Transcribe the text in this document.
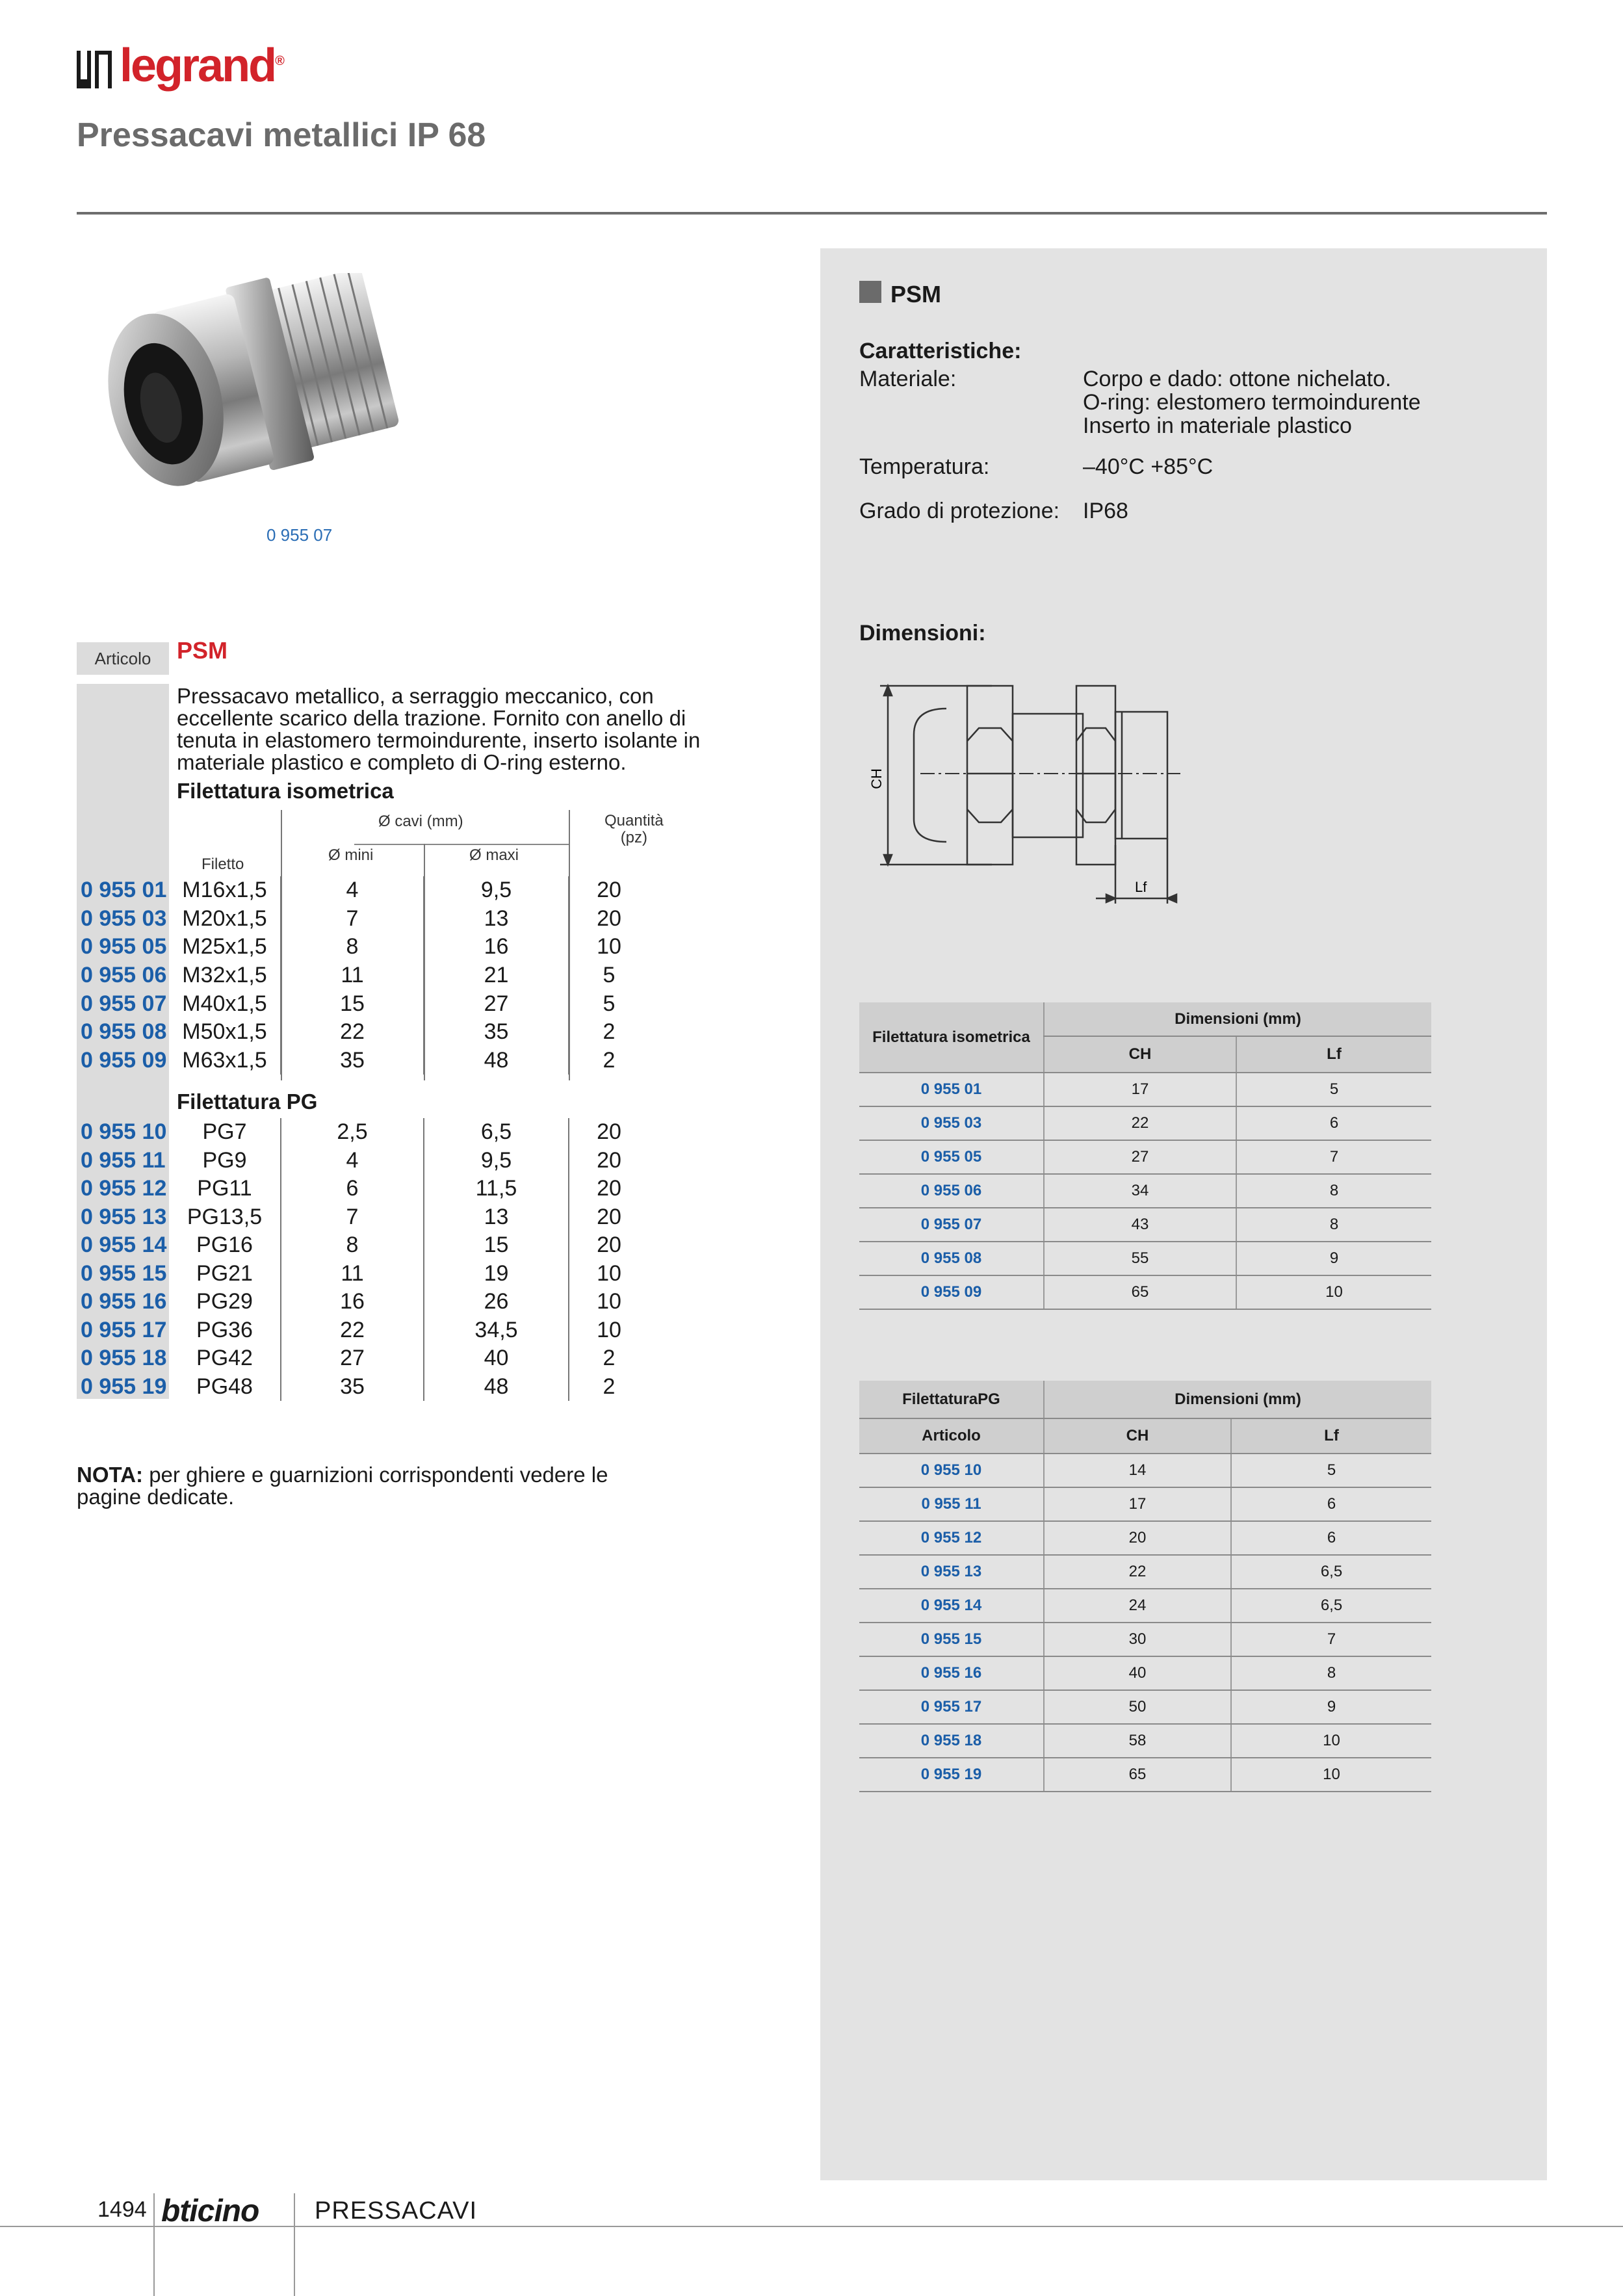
legrand®
Pressacavi metallici IP 68
0 955 07
PSM
Caratteristiche:
Materiale:	Corpo e dado: ottone nichelato.
O-ring: elestomero termoindurente
Inserto in materiale plastico
Temperatura:	–40°C +85°C
Grado di protezione: IP68
Dimensioni:
CH
Lf
Filettatura isometrica	Dimensioni (mm)	
	CH	Lf
0 955 01	17	5
0 955 03	22	6
0 955 05	27	7
0 955 06	34	8
0 955 07	43	8
0 955 08	55	9
0 955 09	65	10
FilettaturaPG	Dimensioni (mm)	
Articolo	CH	Lf
0 955 10	14	5
0 955 11	17	6
0 955 12	20	6
0 955 13	22	6,5
0 955 14	24	6,5
0 955 15	30	7
0 955 16	40	8
0 955 17	50	9
0 955 18	58	10
0 955 19	65	10
Articolo	PSM
Pressacavo metallico, a serraggio meccanico, con eccellente scarico della trazione. Fornito con anello di tenuta in elastomero termoindurente, inserto isolante in materiale plastico e completo di O-ring esterno.
Filettatura isometrica
Ø cavi (mm)	Quantità
(pz)
Filetto
Ø mini	Ø maxi
0 955 01	M16x1,5	4	9,5	20
0 955 03	M20x1,5	7	13	20
0 955 05	M25x1,5	8	16	10
0 955 06	M32x1,5	11	21	5
0 955 07	M40x1,5	15	27	5
0 955 08	M50x1,5	22	35	2
0 955 09	M63x1,5	35	48	2
Filettatura PG
0 955 10	PG7	2,5	6,5	20
0 955 11	PG9	4	9,5	20
0 955 12	PG11	6	11,5	20
0 955 13	PG13,5	7	13	20
0 955 14	PG16	8	15	20
0 955 15	PG21	11	19	10
0 955 16	PG29	16	26	10
0 955 17	PG36	22	34,5	10
0 955 18	PG42	27	40	2
0 955 19	PG48	35	48	2
NOTA: per ghiere e guarnizioni corrispondenti vedere le pagine dedicate.
1494 bticino PRESSACAVI
